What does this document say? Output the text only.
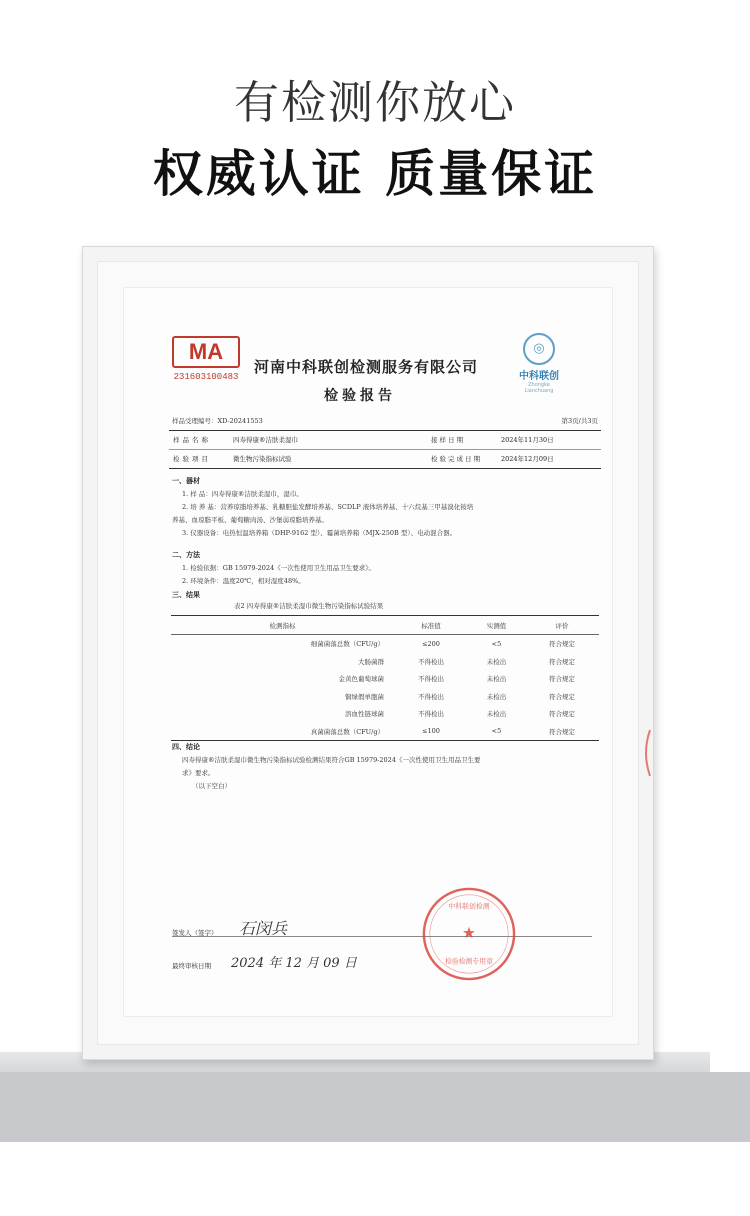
有检测你放心
权威认证 质量保证
MA
231603100483
河南中科联创检测服务有限公司
检验报告
◎
中科联创
Zhongke Lianchuang
样品受理编号：XD-20241553	第3页/共3页
样品名称	四寿得康®洁肤柔湿巾	接样日期	2024年11月30日
检验项目	微生物污染指标试验	检验完成日期	2024年12月09日
一、器材
1. 样 品：四寿得康®洁肤柔湿巾，湿巾。
2. 培 养 基：营养琼脂培养基、乳糖胆盐发酵培养基、SCDLP 液体培养基、十六烷基三甲基溴化铵培
养基、血琼脂平板、葡萄糖肉汤、沙堡弱琼脂培养基。
3. 仪器设备：电热恒温培养箱（DHP-9162 型）、霉菌培养箱（MJX-250B 型）、电动混合器。
二、方法
1. 检验依据：GB 15979-2024《一次性使用卫生用品卫生要求》。
2. 环境条件：温度20℃，相对湿度48%。
三、结果
表2 四寿得康®洁肤柔湿巾微生物污染指标试验结果
检测指标	标准值	实测值	评价
细菌菌落总数（CFU/g）	≤200	<5	符合规定
大肠菌群	不得检出	未检出	符合规定
金黄色葡萄球菌	不得检出	未检出	符合规定
铜绿假单胞菌	不得检出	未检出	符合规定
溶血性链球菌	不得检出	未检出	符合规定
真菌菌落总数（CFU/g）	≤100	<5	符合规定
四、结论
四寿得康®洁肤柔湿巾微生物污染指标试验检测结果符合GB 15979-2024《一次性使用卫生用品卫生要
求》要求。
（以下空白）
签发人（签字） 石闵兵
最终审核日期 2024 年 12 月 09 日
★
中科联创检测
检验检测专用章
